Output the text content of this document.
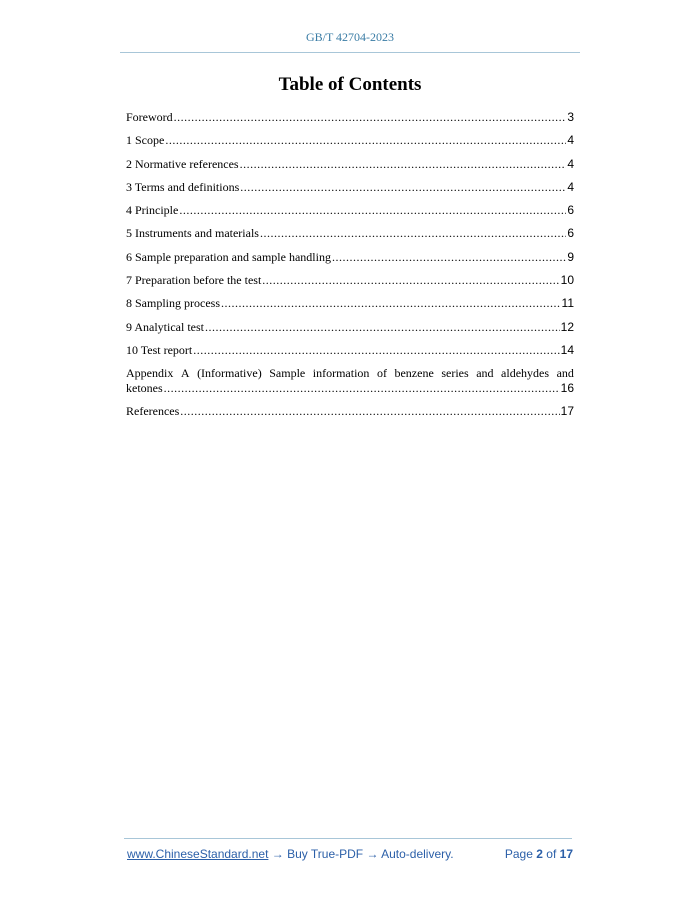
GB/T 42704-2023
Table of Contents
Foreword .....	3
1 Scope .....	4
2 Normative references .....	4
3 Terms and definitions .....	4
4 Principle .....	6
5 Instruments and materials .....	6
6 Sample preparation and sample handling .....	9
7 Preparation before the test .....	10
8 Sampling process .....	11
9 Analytical test .....	12
10 Test report .....	14
Appendix A (Informative) Sample information of benzene series and aldehydes and
ketones .....	16
References .....	17
www.ChineseStandard.net → Buy True-PDF → Auto-delivery.	Page 2 of 17
